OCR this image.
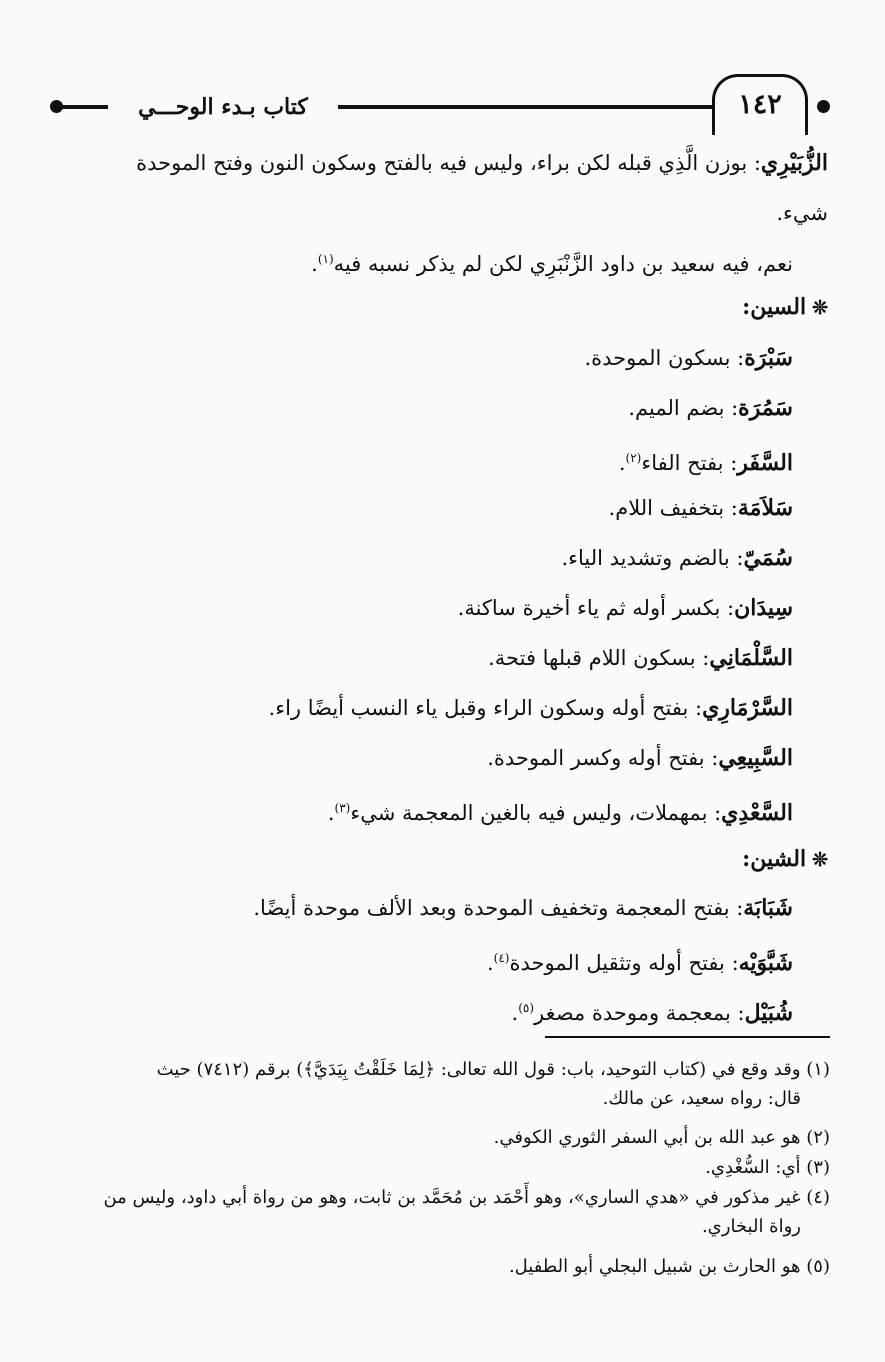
كتاب بـدء الوحـــي	١٤٢
الزُّبَيْرِي: بوزن الَّذِي قبله لكن براء، وليس فيه بالفتح وسكون النون وفتح الموحدة
شيء.
نعم، فيه سعيد بن داود الزَّنْبَرِي لكن لم يذكر نسبه فيه$^{(١)}$.
❊السين:
سَبْرَة: بسكون الموحدة.
سَمُرَة: بضم الميم.
السَّفَر: بفتح الفاء$^{(٢)}$.
سَلاَمَة: بتخفيف اللام.
سُمَيّ: بالضم وتشديد الياء.
سِيدَان: بكسر أوله ثم ياء أخيرة ساكنة.
السَّلْمَانِي: بسكون اللام قبلها فتحة.
السَّرْمَارِي: بفتح أوله وسكون الراء وقبل ياء النسب أيضًا راء.
السَّبِيعِي: بفتح أوله وكسر الموحدة.
السَّعْدِي: بمهملات، وليس فيه بالغين المعجمة شيء$^{(٣)}$.
❊الشين:
شَبَابَة: بفتح المعجمة وتخفيف الموحدة وبعد الألف موحدة أيضًا.
شَبَّوَيْه: بفتح أوله وتثقيل الموحدة$^{(٤)}$.
شُبَيْل: بمعجمة وموحدة مصغر$^{(٥)}$.
(١) وقد وقع في (كتاب التوحيد، باب: قول الله تعالى: ﴿لِمَا خَلَقْتُ بِيَدَيَّ﴾) برقم (٧٤١٢) حيث
قال: رواه سعيد، عن مالك.
(٢) هو عبد الله بن أبي السفر الثوري الكوفي.
(٣) أي: السُّغْدِي.
(٤) غير مذكور في «هدي الساري»، وهو أَحْمَد بن مُحَمَّد بن ثابت، وهو من رواة أبي داود، وليس من
رواة البخاري.
(٥) هو الحارث بن شبيل البجلي أبو الطفيل.
